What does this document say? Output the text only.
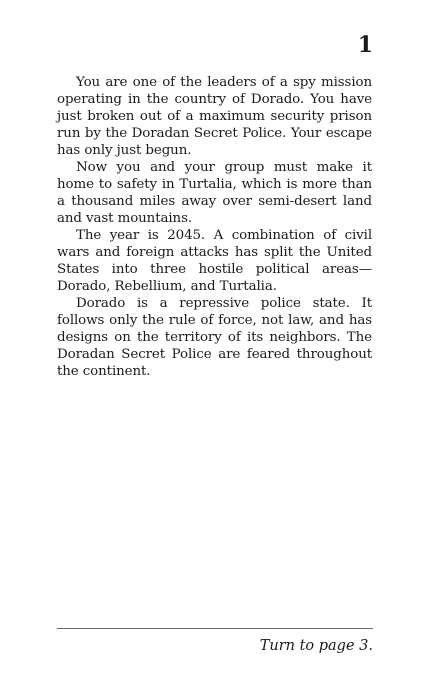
1

You are one of the leaders of a spy mission operating in the country of Dorado. You have just broken out of a maximum security prison run by the Doradan Secret Police. Your escape has only just begun.

Now you and your group must make it home to safety in Turtalia, which is more than a thousand miles away over semi-desert land and vast mountains.

The year is 2045. A combination of civil wars and foreign attacks has split the United States into three hostile political areas—Dorado, Rebellium, and Turtalia.

Dorado is a repressive police state. It follows only the rule of force, not law, and has designs on the territory of its neighbors. The Doradan Secret Police are feared throughout the continent.

Turn to page 3.
